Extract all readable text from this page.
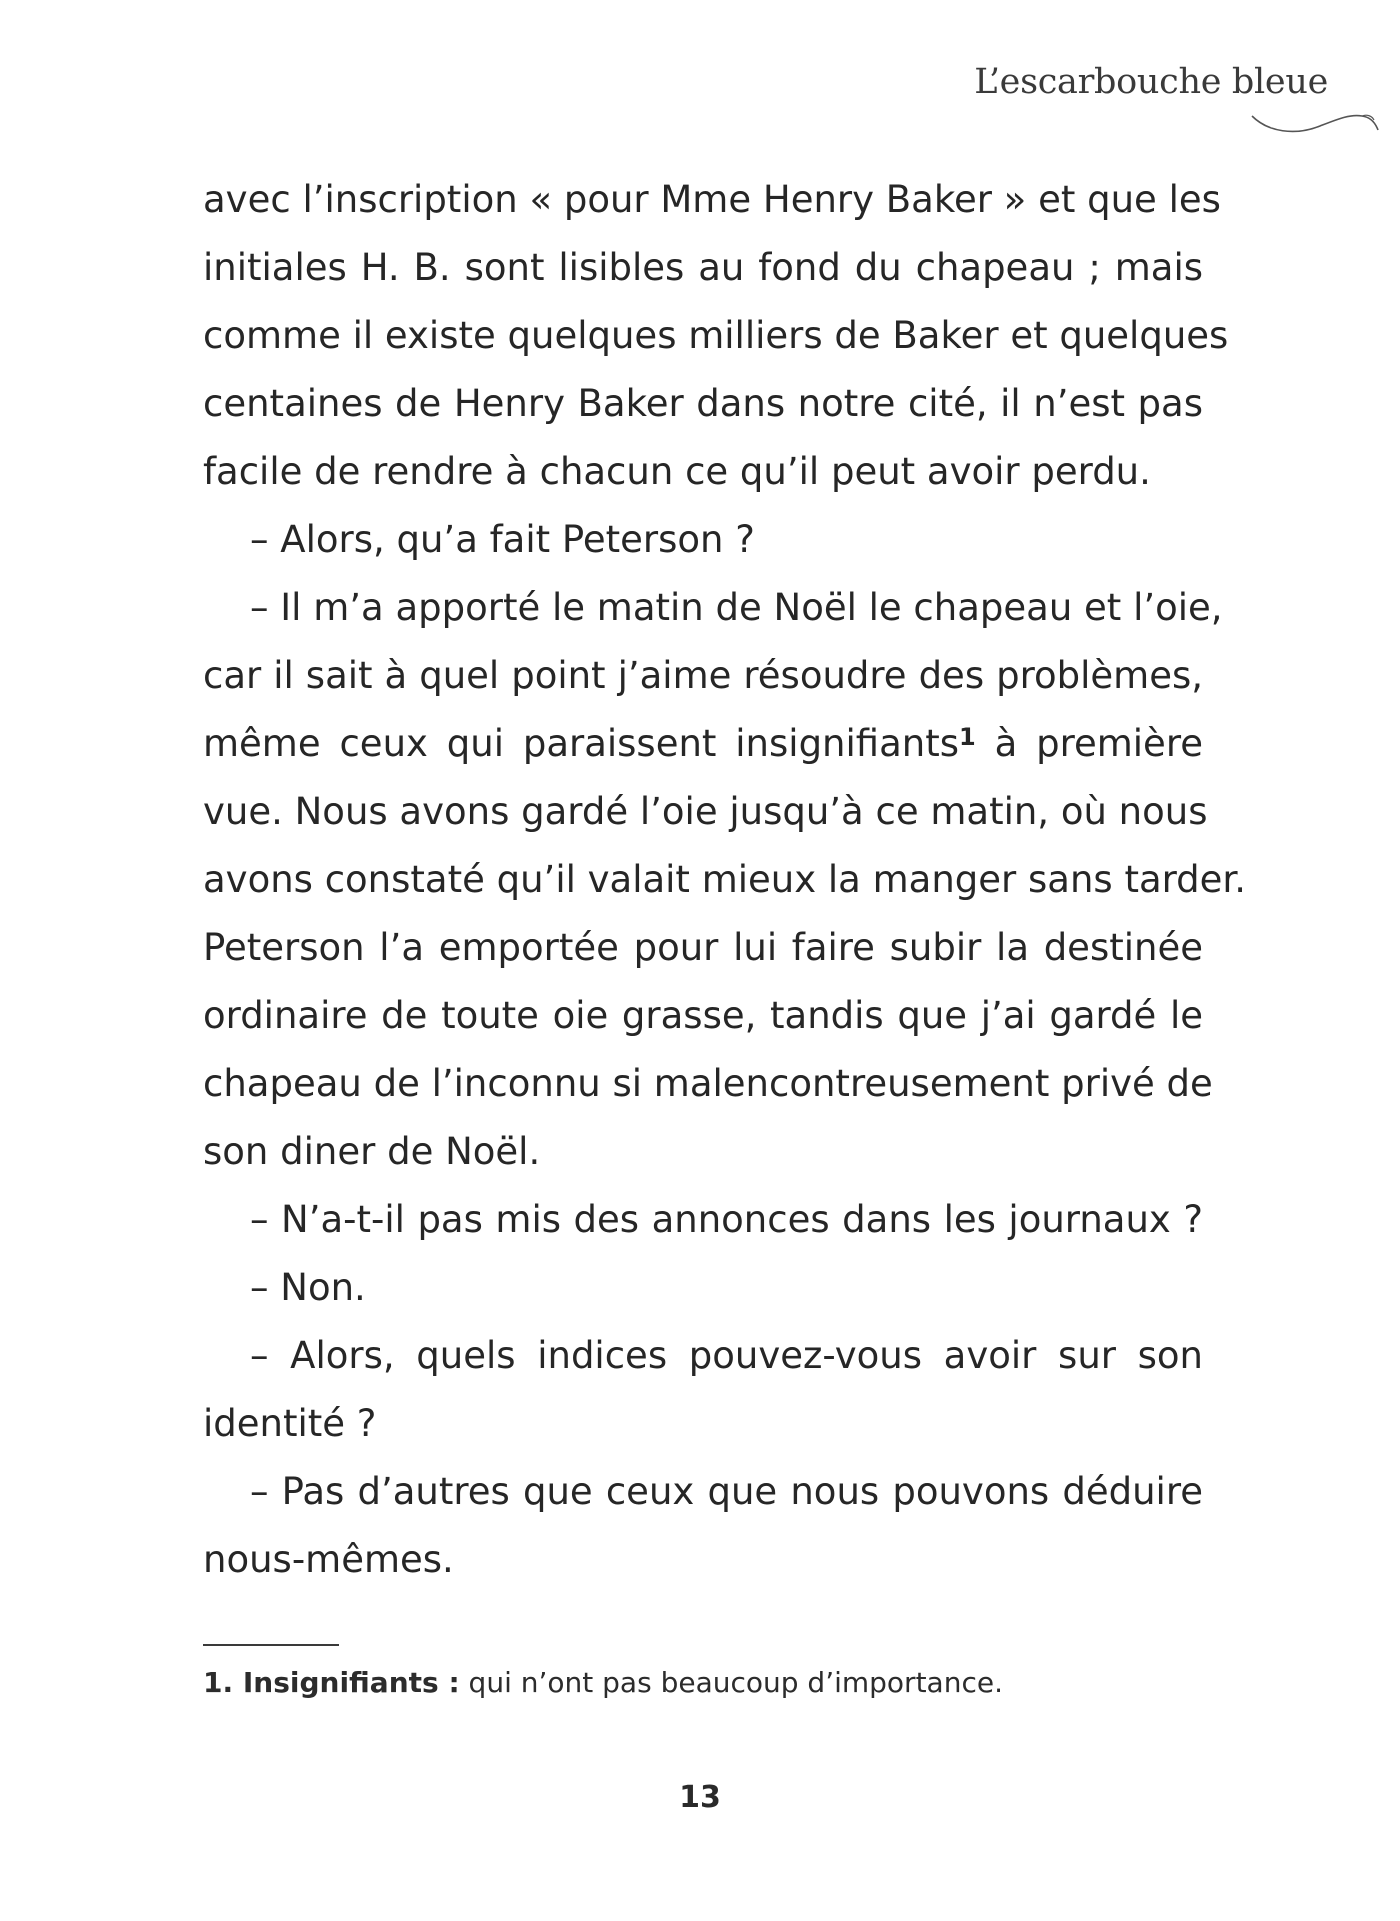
L’escarbouche bleue
avec l’inscription « pour Mme Henry Baker » et que les
initiales H. B. sont lisibles au fond du chapeau ; mais
comme il existe quelques milliers de Baker et quelques
centaines de Henry Baker dans notre cité, il n’est pas
facile de rendre à chacun ce qu’il peut avoir perdu.
– Alors, qu’a fait Peterson ?
– Il m’a apporté le matin de Noël le chapeau et l’oie,
car il sait à quel point j’aime résoudre des problèmes,
même ceux qui paraissent insignifiants$^1$ à première
vue. Nous avons gardé l’oie jusqu’à ce matin, où nous
avons constaté qu’il valait mieux la manger sans tarder.
Peterson l’a emportée pour lui faire subir la destinée
ordinaire de toute oie grasse, tandis que j’ai gardé le
chapeau de l’inconnu si malencontreusement privé de
son diner de Noël.
– N’a-t-il pas mis des annonces dans les journaux ?
– Non.
– Alors, quels indices pouvez-vous avoir sur son
identité ?
– Pas d’autres que ceux que nous pouvons déduire
nous-mêmes.
1. Insignifiants : qui n’ont pas beaucoup d’importance.
13
